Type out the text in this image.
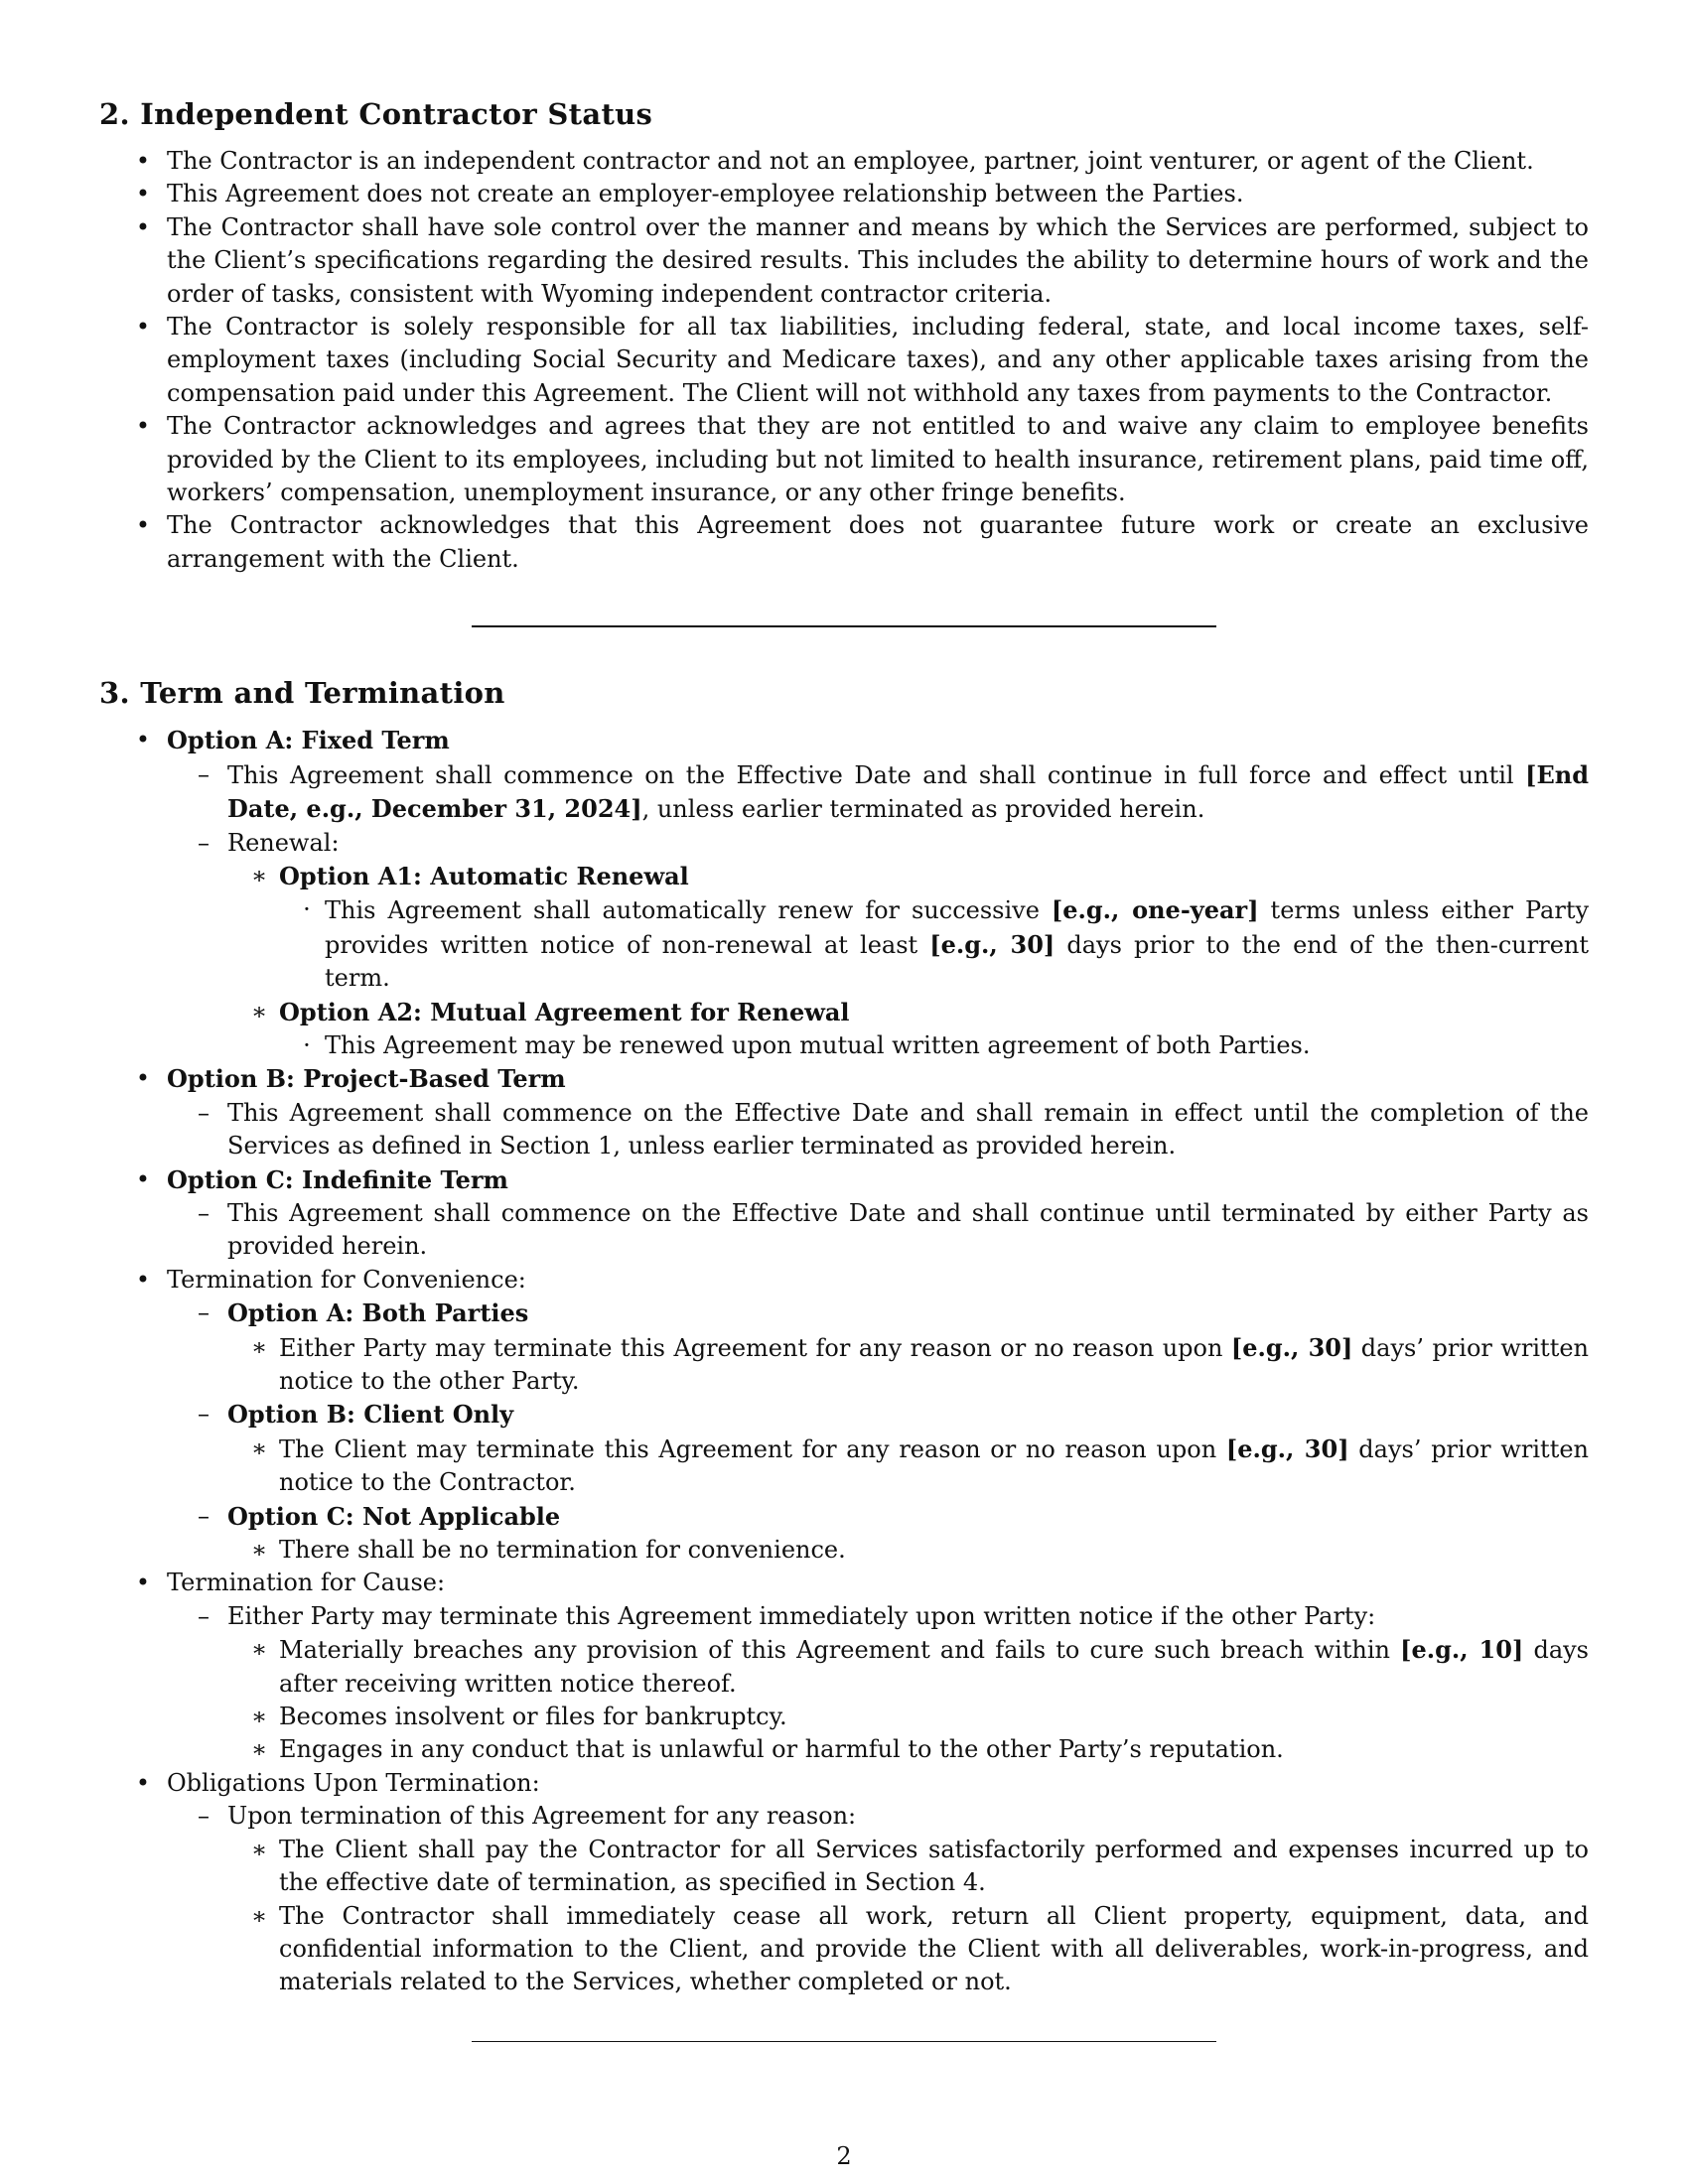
2. Independent Contractor Status
• The Contractor is an independent contractor and not an employee, partner, joint venturer, or agent of the Client.
• This Agreement does not create an employer-employee relationship between the Parties.
• The Contractor shall have sole control over the manner and means by which the Services are performed, subject to the Client’s specifications regarding the desired results. This includes the ability to determine hours of work and the order of tasks, consistent with Wyoming independent contractor criteria.
• The Contractor is solely responsible for all tax liabilities, including federal, state, and local income taxes, self-employment taxes (including Social Security and Medicare taxes), and any other applicable taxes arising from the compensation paid under this Agreement. The Client will not withhold any taxes from payments to the Contractor.
• The Contractor acknowledges and agrees that they are not entitled to and waive any claim to employee benefits provided by the Client to its employees, including but not limited to health insurance, retirement plans, paid time off, workers’ compensation, unemployment insurance, or any other fringe benefits.
• The Contractor acknowledges that this Agreement does not guarantee future work or create an exclusive arrangement with the Client.
3. Term and Termination
• Option A: Fixed Term
– This Agreement shall commence on the Effective Date and shall continue in full force and effect until [End Date, e.g., December 31, 2024], unless earlier terminated as provided herein.
– Renewal:
∗ Option A1: Automatic Renewal
· This Agreement shall automatically renew for successive [e.g., one-year] terms unless either Party provides written notice of non-renewal at least [e.g., 30] days prior to the end of the then-current term.
∗ Option A2: Mutual Agreement for Renewal
· This Agreement may be renewed upon mutual written agreement of both Parties.
• Option B: Project-Based Term
– This Agreement shall commence on the Effective Date and shall remain in effect until the completion of the Services as defined in Section 1, unless earlier terminated as provided herein.
• Option C: Indefinite Term
– This Agreement shall commence on the Effective Date and shall continue until terminated by either Party as provided herein.
• Termination for Convenience:
– Option A: Both Parties
∗ Either Party may terminate this Agreement for any reason or no reason upon [e.g., 30] days’ prior written notice to the other Party.
– Option B: Client Only
∗ The Client may terminate this Agreement for any reason or no reason upon [e.g., 30] days’ prior written notice to the Contractor.
– Option C: Not Applicable
∗ There shall be no termination for convenience.
• Termination for Cause:
– Either Party may terminate this Agreement immediately upon written notice if the other Party:
∗ Materially breaches any provision of this Agreement and fails to cure such breach within [e.g., 10] days after receiving written notice thereof.
∗ Becomes insolvent or files for bankruptcy.
∗ Engages in any conduct that is unlawful or harmful to the other Party’s reputation.
• Obligations Upon Termination:
– Upon termination of this Agreement for any reason:
∗ The Client shall pay the Contractor for all Services satisfactorily performed and expenses incurred up to the effective date of termination, as specified in Section 4.
∗ The Contractor shall immediately cease all work, return all Client property, equipment, data, and confidential information to the Client, and provide the Client with all deliverables, work-in-progress, and materials related to the Services, whether completed or not.
2
